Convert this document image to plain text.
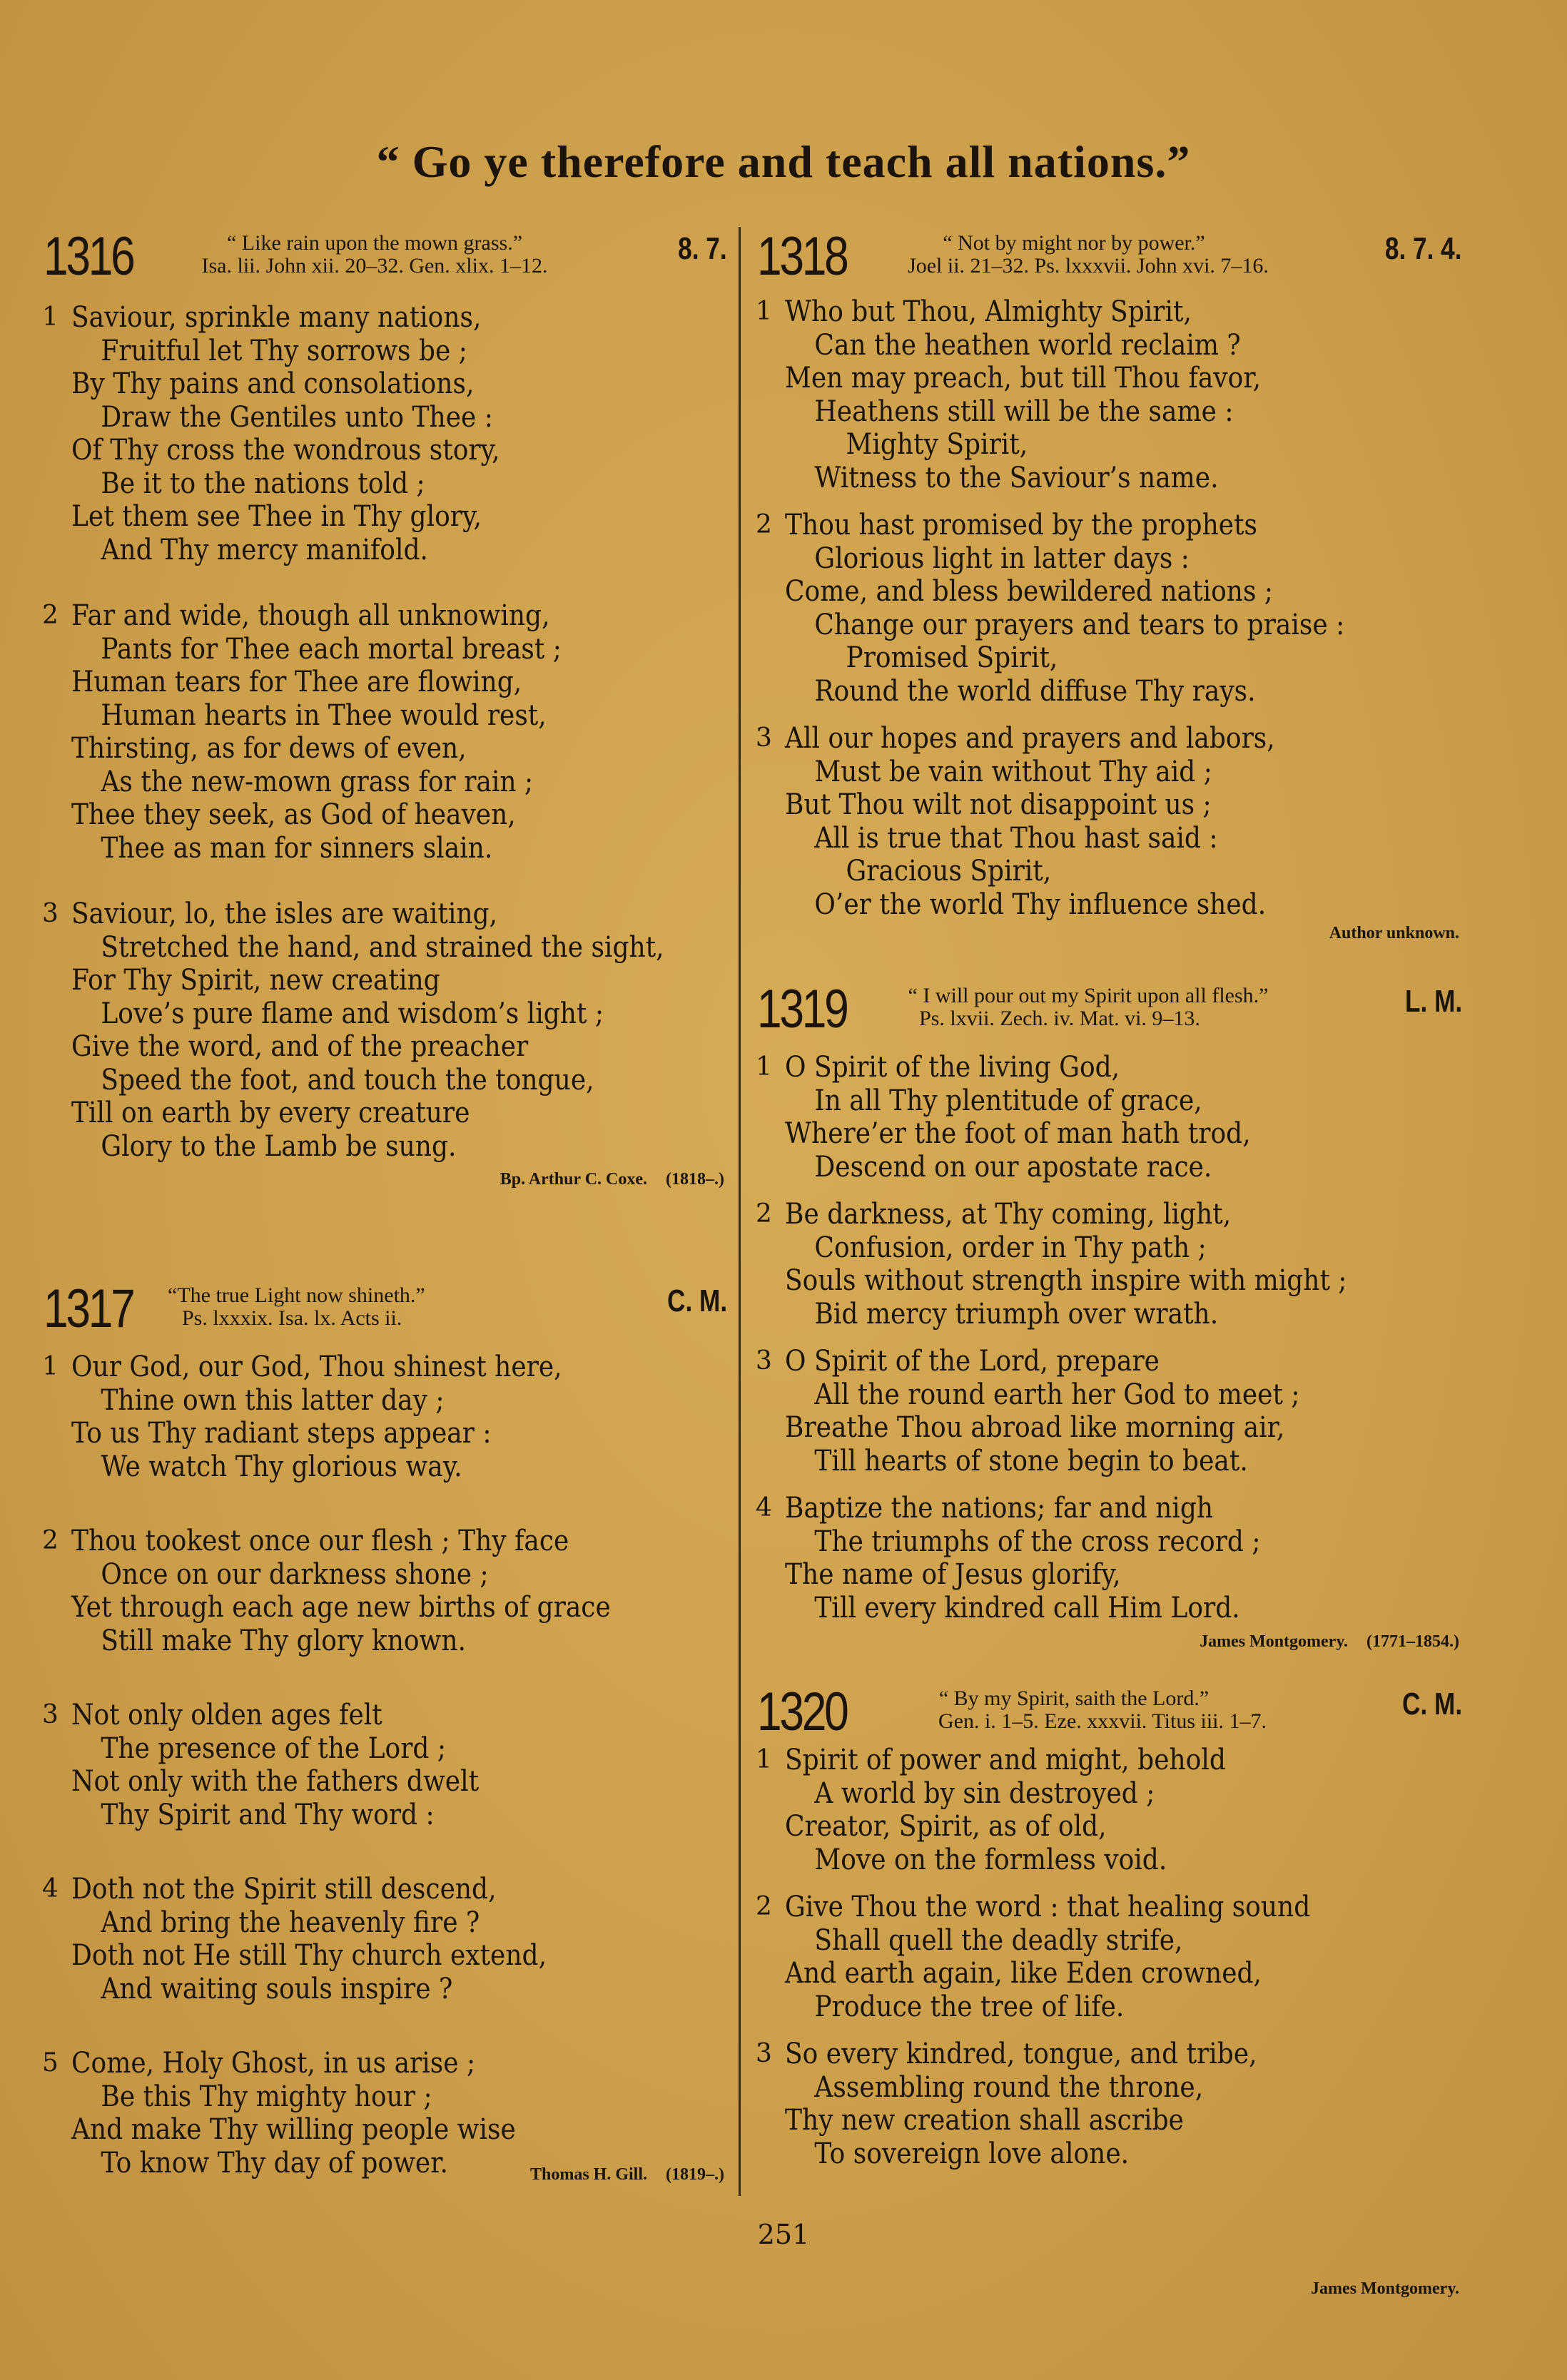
“ Go ye therefore and teach all nations.”
1316	“ Like rain upon the mown grass.”
Isa. lii. John xii. 20–32. Gen. xlix. 1–12.	8. 7.
1 Saviour, sprinkle many nations,
Fruitful let Thy sorrows be ;
By Thy pains and consolations,
Draw the Gentiles unto Thee :
Of Thy cross the wondrous story,
Be it to the nations told ;
Let them see Thee in Thy glory,
And Thy mercy manifold.
2 Far and wide, though all unknowing,
Pants for Thee each mortal breast ;
Human tears for Thee are flowing,
Human hearts in Thee would rest,
Thirsting, as for dews of even,
As the new-mown grass for rain ;
Thee they seek, as God of heaven,
Thee as man for sinners slain.
3 Saviour, lo, the isles are waiting,
Stretched the hand, and strained the sight,
For Thy Spirit, new creating
Love’s pure flame and wisdom’s light ;
Give the word, and of the preacher
Speed the foot, and touch the tongue,
Till on earth by every creature
Glory to the Lamb be sung.
Bp. Arthur C. Coxe. (1818–.)
1317 “The true Light now shineth.”
Ps. lxxxix. Isa. lx. Acts ii.	C. M.
1 Our God, our God, Thou shinest here,
Thine own this latter day ;
To us Thy radiant steps appear :
We watch Thy glorious way.
2 Thou tookest once our flesh ; Thy face
Once on our darkness shone ;
Yet through each age new births of grace
Still make Thy glory known.
3 Not only olden ages felt
The presence of the Lord ;
Not only with the fathers dwelt
Thy Spirit and Thy word :
4 Doth not the Spirit still descend,
And bring the heavenly fire ?
Doth not He still Thy church extend,
And waiting souls inspire ?
5 Come, Holy Ghost, in us arise ;
Be this Thy mighty hour ;
And make Thy willing people wise
To know Thy day of power.	Thomas H. Gill. (1819–.)
1318	“ Not by might nor by power.”
Joel ii. 21–32. Ps. lxxxvii. John xvi. 7–16.	8. 7. 4.
1 Who but Thou, Almighty Spirit,
Can the heathen world reclaim ?
Men may preach, but till Thou favor,
Heathens still will be the same :
Mighty Spirit,
Witness to the Saviour’s name.
2 Thou hast promised by the prophets
Glorious light in latter days :
Come, and bless bewildered nations ;
Change our prayers and tears to praise :
Promised Spirit,
Round the world diffuse Thy rays.
3 All our hopes and prayers and labors,
Must be vain without Thy aid ;
But Thou wilt not disappoint us ;
All is true that Thou hast said :
Gracious Spirit,
O’er the world Thy influence shed.
Author unknown.
1319	“ I will pour out my Spirit upon all flesh.”
Ps. lxvii. Zech. iv. Mat. vi. 9–13.	L. M.
1 O Spirit of the living God,
In all Thy plentitude of grace,
Where’er the foot of man hath trod,
Descend on our apostate race.
2 Be darkness, at Thy coming, light,
Confusion, order in Thy path ;
Souls without strength inspire with might ;
Bid mercy triumph over wrath.
3 O Spirit of the Lord, prepare
All the round earth her God to meet ;
Breathe Thou abroad like morning air,
Till hearts of stone begin to beat.
4 Baptize the nations; far and nigh
The triumphs of the cross record ;
The name of Jesus glorify,
Till every kindred call Him Lord.
James Montgomery. (1771–1854.)
1320	“ By my Spirit, saith the Lord.”
Gen. i. 1–5. Eze. xxxvii. Titus iii. 1–7.	C. M.
1 Spirit of power and might, behold
A world by sin destroyed ;
Creator, Spirit, as of old,
Move on the formless void.
2 Give Thou the word : that healing sound
Shall quell the deadly strife,
And earth again, like Eden crowned,
Produce the tree of life.
3 So every kindred, tongue, and tribe,
Assembling round the throne,
Thy new creation shall ascribe
To sovereign love alone.
James Montgomery.
251
